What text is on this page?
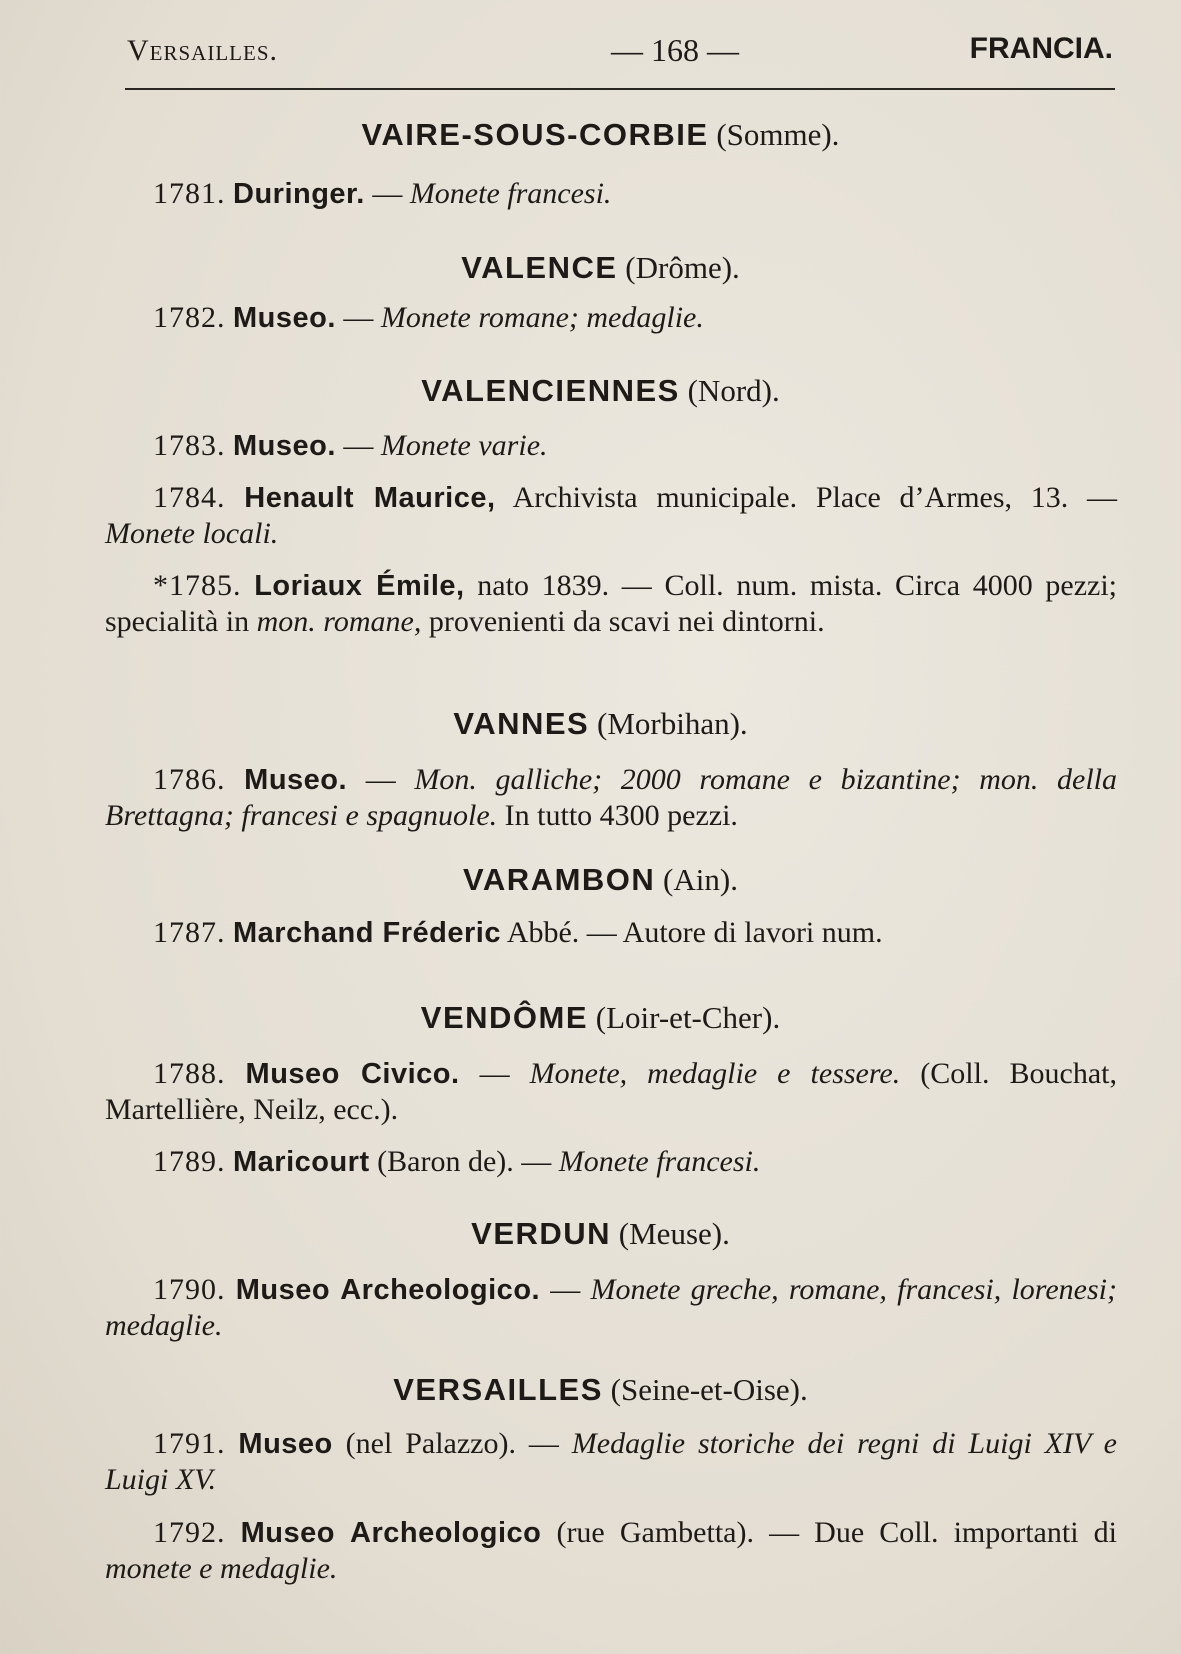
Versailles.	— 168 —	FRANCIA.
VAIRE-SOUS-CORBIE (Somme).
1781. Duringer. — Monete francesi.
VALENCE (Drôme).
1782. Museo. — Monete romane; medaglie.
VALENCIENNES (Nord).
1783. Museo. — Monete varie.
1784. Henault Maurice, Archivista municipale. Place d’Armes, 13. — Monete locali.
*1785. Loriaux Émile, nato 1839. — Coll. num. mista. Circa 4000 pezzi; specialità in mon. romane, provenienti da scavi nei dintorni.
VANNES (Morbihan).
1786. Museo. — Mon. galliche; 2000 romane e bizantine; mon. della Brettagna; francesi e spagnuole. In tutto 4300 pezzi.
VARAMBON (Ain).
1787. Marchand Fréderic Abbé. — Autore di lavori num.
VENDÔME (Loir-et-Cher).
1788. Museo Civico. — Monete, medaglie e tessere. (Coll. Bouchat, Martellière, Neilz, ecc.).
1789. Maricourt (Baron de). — Monete francesi.
VERDUN (Meuse).
1790. Museo Archeologico. — Monete greche, romane, francesi, lorenesi; medaglie.
VERSAILLES (Seine-et-Oise).
1791. Museo (nel Palazzo). — Medaglie storiche dei regni di Luigi XIV e Luigi XV.
1792. Museo Archeologico (rue Gambetta). — Due Coll. importanti di monete e medaglie.
